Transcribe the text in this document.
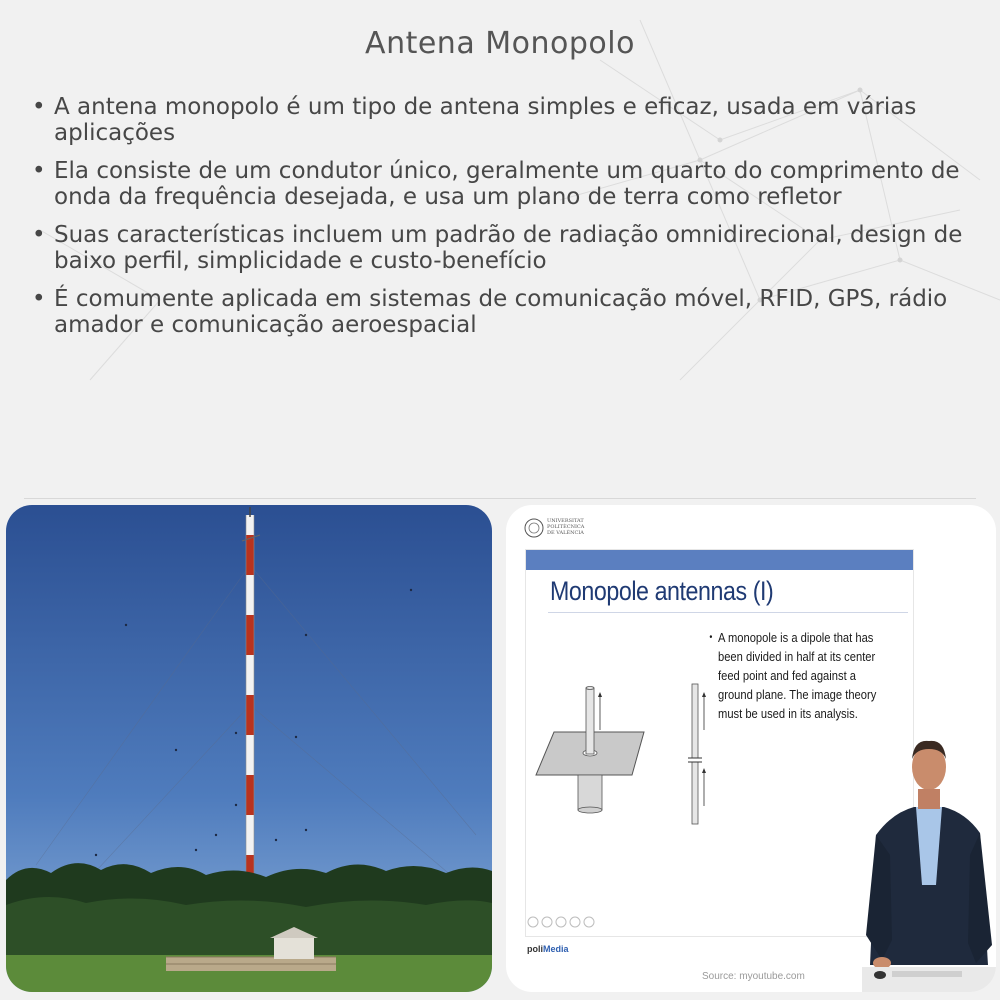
Antena Monopolo
• A antena monopolo é um tipo de antena simples e eficaz, usada em várias aplicações
• Ela consiste de um condutor único, geralmente um quarto do comprimento de onda da frequência desejada, e usa um plano de terra como refletor
• Suas características incluem um padrão de radiação omnidirecional, design de baixo perfil, simplicidade e custo-benefício
• É comumente aplicada em sistemas de comunicação móvel, RFID, GPS, rádio amador e comunicação aeroespacial
UNIVERSITAT
POLITÈCNICA
DE VALÈNCIA
Monopole antennas (I)
• A monopole is a dipole that has
been divided in half at its center
feed point and fed against a
ground plane. The image theory
must be used in its analysis.
poliMedia
Source: myoutube.com
